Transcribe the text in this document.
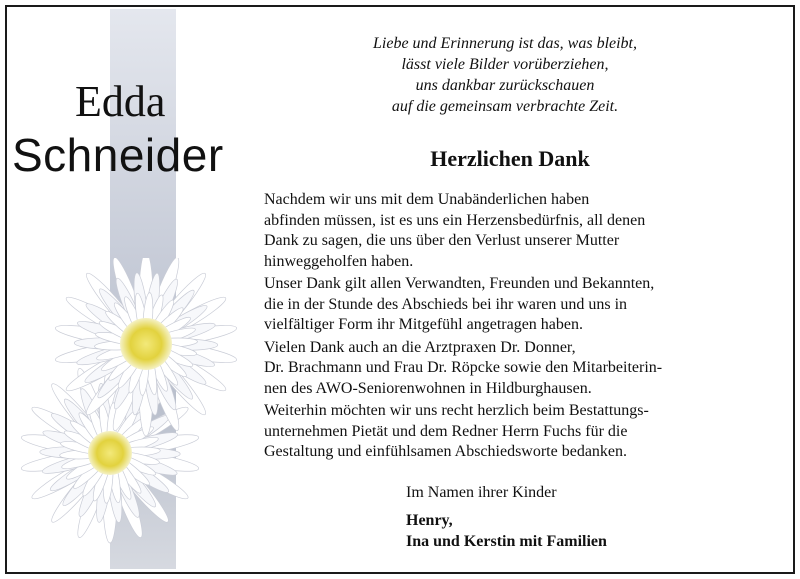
Edda
Schneider
Liebe und Erinnerung ist das, was bleibt,
lässt viele Bilder vorüberziehen,
uns dankbar zurückschauen
auf die gemeinsam verbrachte Zeit.
Herzlichen Dank
Nachdem wir uns mit dem Unabänderlichen haben
abfinden müssen, ist es uns ein Herzensbedürfnis, all denen
Dank zu sagen, die uns über den Verlust unserer Mutter
hinweggeholfen haben.
Unser Dank gilt allen Verwandten, Freunden und Bekannten,
die in der Stunde des Abschieds bei ihr waren und uns in
vielfältiger Form ihr Mitgefühl angetragen haben.
Vielen Dank auch an die Arztpraxen Dr. Donner,
Dr. Brachmann und Frau Dr. Röpcke sowie den Mitarbeiterin-
nen des AWO-Seniorenwohnen in Hildburghausen.
Weiterhin möchten wir uns recht herzlich beim Bestattungs-
unternehmen Pietät und dem Redner Herrn Fuchs für die
Gestaltung und einfühlsamen Abschiedsworte bedanken.
Im Namen ihrer Kinder
Henry,
Ina und Kerstin mit Familien
